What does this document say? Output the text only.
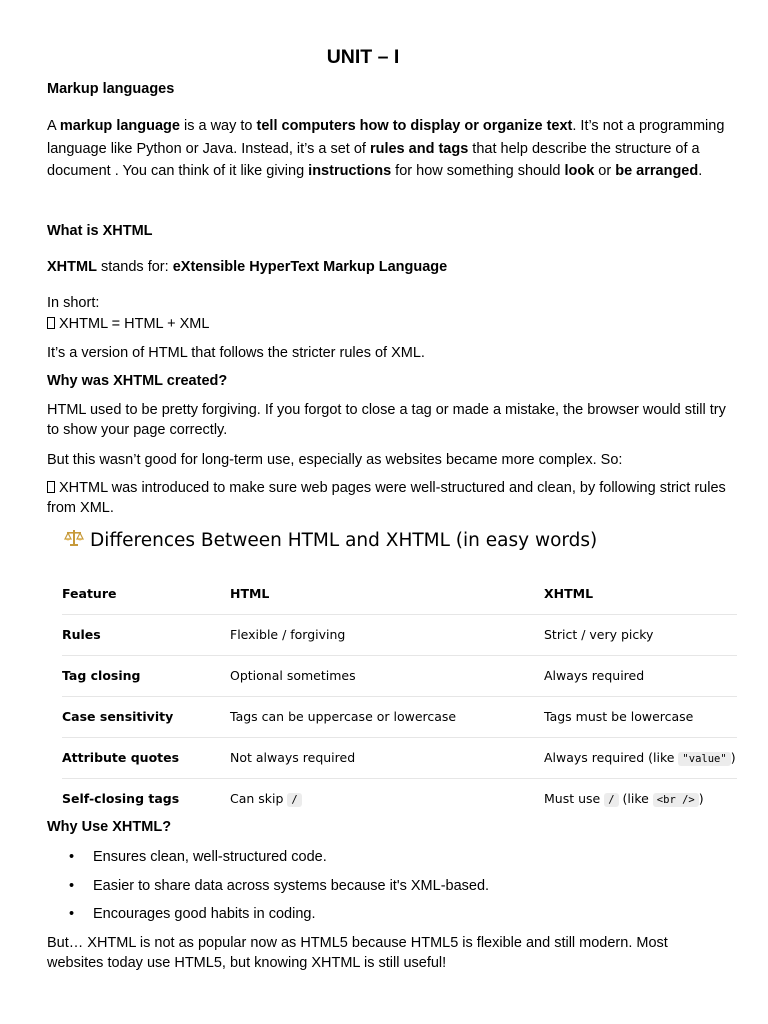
UNIT – I
Markup languages

A markup language is a way to tell computers how to display or organize text. It’s not a programming language like Python or Java. Instead, it’s a set of rules and tags that help describe the structure of a document . You can think of it like giving instructions for how something should look or be arranged.

What is XHTML
XHTML stands for: eXtensible HyperText Markup Language
In short:
XHTML = HTML + XML
It’s a version of HTML that follows the stricter rules of XML.
Why was XHTML created?

HTML used to be pretty forgiving. If you forgot to close a tag or made a mistake, the browser would still try to show your page correctly.

But this wasn’t good for long-term use, especially as websites became more complex. So:

XHTML was introduced to make sure web pages were well-structured and clean, by following strict rules from XML.

Differences Between HTML and XHTML (in easy words)
Feature	HTML	XHTML
Rules	Flexible / forgiving	Strict / very picky
Tag closing	Optional sometimes	Always required
Case sensitivity	Tags can be uppercase or lowercase	Tags must be lowercase
Attribute quotes	Not always required	Always required (like "value" )
Self-closing tags	Can skip /	Must use / (like <br /> )
Why Use XHTML?
• Ensures clean, well-structured code.
• Easier to share data across systems because it's XML-based.
• Encourages good habits in coding.

But… XHTML is not as popular now as HTML5 because HTML5 is flexible and still modern. Most websites today use HTML5, but knowing XHTML is still useful!
